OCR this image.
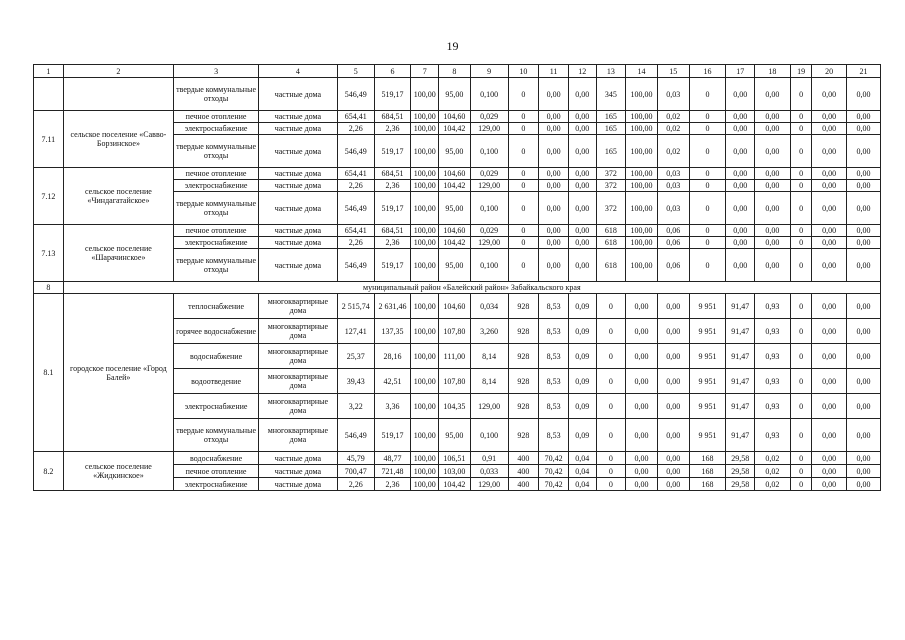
19
1	2	3	4	5	6	7	8	9	10	11	12	13	14	15	16	17	18	19	20	21
		твердые коммунальные отходы	частные дома	546,49	519,17	100,00	95,00	0,100	0	0,00	0,00	345	100,00	0,03	0	0,00	0,00	0	0,00	0,00
7.11	сельское поселение «Савво-Борзинское»	печное отопление	частные дома	654,41	684,51	100,00	104,60	0,029	0	0,00	0,00	165	100,00	0,02	0	0,00	0,00	0	0,00	0,00
		электроснабжение	частные дома	2,26	2,36	100,00	104,42	129,00	0	0,00	0,00	165	100,00	0,02	0	0,00	0,00	0	0,00	0,00
		твердые коммунальные отходы	частные дома	546,49	519,17	100,00	95,00	0,100	0	0,00	0,00	165	100,00	0,02	0	0,00	0,00	0	0,00	0,00
7.12	сельское поселение «Чиндагатайское»	печное отопление	частные дома	654,41	684,51	100,00	104,60	0,029	0	0,00	0,00	372	100,00	0,03	0	0,00	0,00	0	0,00	0,00
		электроснабжение	частные дома	2,26	2,36	100,00	104,42	129,00	0	0,00	0,00	372	100,00	0,03	0	0,00	0,00	0	0,00	0,00
		твердые коммунальные отходы	частные дома	546,49	519,17	100,00	95,00	0,100	0	0,00	0,00	372	100,00	0,03	0	0,00	0,00	0	0,00	0,00
7.13	сельское поселение «Шарачинское»	печное отопление	частные дома	654,41	684,51	100,00	104,60	0,029	0	0,00	0,00	618	100,00	0,06	0	0,00	0,00	0	0,00	0,00
		электроснабжение	частные дома	2,26	2,36	100,00	104,42	129,00	0	0,00	0,00	618	100,00	0,06	0	0,00	0,00	0	0,00	0,00
		твердые коммунальные отходы	частные дома	546,49	519,17	100,00	95,00	0,100	0	0,00	0,00	618	100,00	0,06	0	0,00	0,00	0	0,00	0,00
8	муниципальный район «Балейский район» Забайкальского края																			
8.1	городское поселение «Город Балей»	теплоснабжение	многоквартирные дома	2 515,74	2 631,46	100,00	104,60	0,034	928	8,53	0,09	0	0,00	0,00	9 951	91,47	0,93	0	0,00	0,00
		горячее водоснабжение	многоквартирные дома	127,41	137,35	100,00	107,80	3,260	928	8,53	0,09	0	0,00	0,00	9 951	91,47	0,93	0	0,00	0,00
		водоснабжение	многоквартирные дома	25,37	28,16	100,00	111,00	8,14	928	8,53	0,09	0	0,00	0,00	9 951	91,47	0,93	0	0,00	0,00
		водоотведение	многоквартирные дома	39,43	42,51	100,00	107,80	8,14	928	8,53	0,09	0	0,00	0,00	9 951	91,47	0,93	0	0,00	0,00
		электроснабжение	многоквартирные дома	3,22	3,36	100,00	104,35	129,00	928	8,53	0,09	0	0,00	0,00	9 951	91,47	0,93	0	0,00	0,00
		твердые коммунальные отходы	многоквартирные дома	546,49	519,17	100,00	95,00	0,100	928	8,53	0,09	0	0,00	0,00	9 951	91,47	0,93	0	0,00	0,00
8.2	сельское поселение «Жидкинское»	водоснабжение	частные дома	45,79	48,77	100,00	106,51	0,91	400	70,42	0,04	0	0,00	0,00	168	29,58	0,02	0	0,00	0,00
		печное отопление	частные дома	700,47	721,48	100,00	103,00	0,033	400	70,42	0,04	0	0,00	0,00	168	29,58	0,02	0	0,00	0,00
		электроснабжение	частные дома	2,26	2,36	100,00	104,42	129,00	400	70,42	0,04	0	0,00	0,00	168	29,58	0,02	0	0,00	0,00
